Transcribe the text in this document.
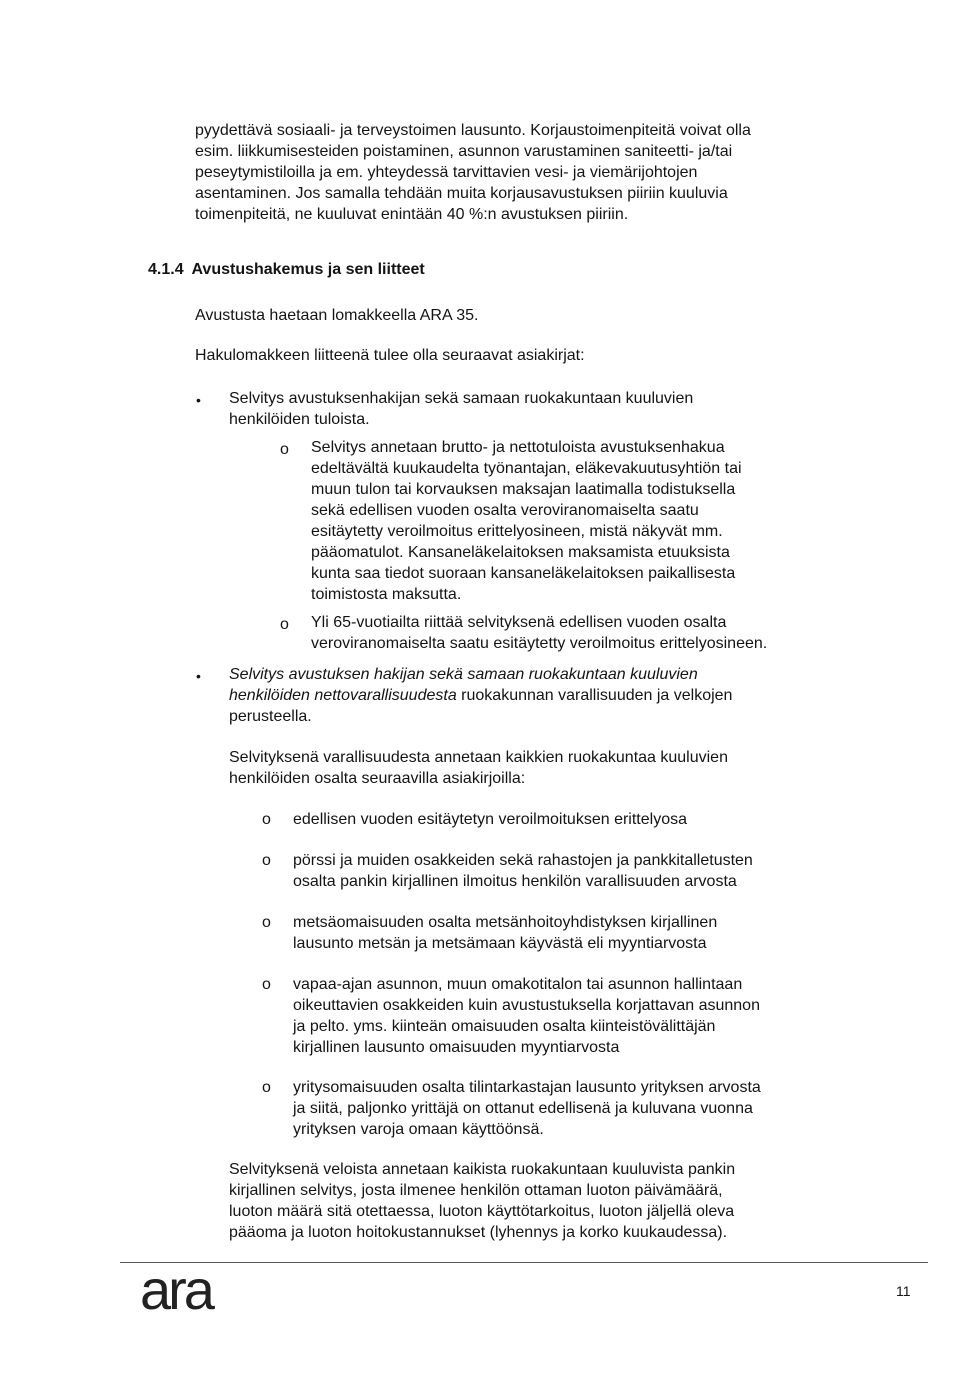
pyydettävä sosiaali- ja terveystoimen lausunto. Korjaustoimenpiteitä voivat olla
esim. liikkumisesteiden poistaminen, asunnon varustaminen saniteetti- ja/tai
peseytymistiloilla ja em. yhteydessä tarvittavien vesi- ja viemärijohtojen
asentaminen. Jos samalla tehdään muita korjausavustuksen piiriin kuuluvia
toimenpiteitä, ne kuuluvat enintään 40 %:n avustuksen piiriin.
4.1.4 Avustushakemus ja sen liitteet
Avustusta haetaan lomakkeella ARA 35.
Hakulomakkeen liitteenä tulee olla seuraavat asiakirjat:
• Selvitys avustuksenhakijan sekä samaan ruokakuntaan kuuluvien
henkilöiden tuloista.
o Selvitys annetaan brutto- ja nettotuloista avustuksenhakua
edeltävältä kuukaudelta työnantajan, eläkevakuutusyhtiön tai
muun tulon tai korvauksen maksajan laatimalla todistuksella
sekä edellisen vuoden osalta veroviranomaiselta saatu
esitäytetty veroilmoitus erittelyosineen, mistä näkyvät mm.
pääomatulot. Kansaneläkelaitoksen maksamista etuuksista
kunta saa tiedot suoraan kansaneläkelaitoksen paikallisesta
toimistosta maksutta.
o Yli 65-vuotiailta riittää selvityksenä edellisen vuoden osalta
veroviranomaiselta saatu esitäytetty veroilmoitus erittelyosineen.
• Selvitys avustuksen hakijan sekä samaan ruokakuntaan kuuluvien
henkilöiden nettovarallisuudesta ruokakunnan varallisuuden ja velkojen
perusteella.
Selvityksenä varallisuudesta annetaan kaikkien ruokakuntaa kuuluvien
henkilöiden osalta seuraavilla asiakirjoilla:
o edellisen vuoden esitäytetyn veroilmoituksen erittelyosa
o pörssi ja muiden osakkeiden sekä rahastojen ja pankkitalletusten
osalta pankin kirjallinen ilmoitus henkilön varallisuuden arvosta
o metsäomaisuuden osalta metsänhoitoyhdistyksen kirjallinen
lausunto metsän ja metsämaan käyvästä eli myyntiarvosta
o vapaa-ajan asunnon, muun omakotitalon tai asunnon hallintaan
oikeuttavien osakkeiden kuin avustustuksella korjattavan asunnon
ja pelto. yms. kiinteän omaisuuden osalta kiinteistövälittäjän
kirjallinen lausunto omaisuuden myyntiarvosta
o yritysomaisuuden osalta tilintarkastajan lausunto yrityksen arvosta
ja siitä, paljonko yrittäjä on ottanut edellisenä ja kuluvana vuonna
yrityksen varoja omaan käyttöönsä.
Selvityksenä veloista annetaan kaikista ruokakuntaan kuuluvista pankin
kirjallinen selvitys, josta ilmenee henkilön ottaman luoton päivämäärä,
luoton määrä sitä otettaessa, luoton käyttötarkoitus, luoton jäljellä oleva
pääoma ja luoton hoitokustannukset (lyhennys ja korko kuukaudessa).
ara	11
